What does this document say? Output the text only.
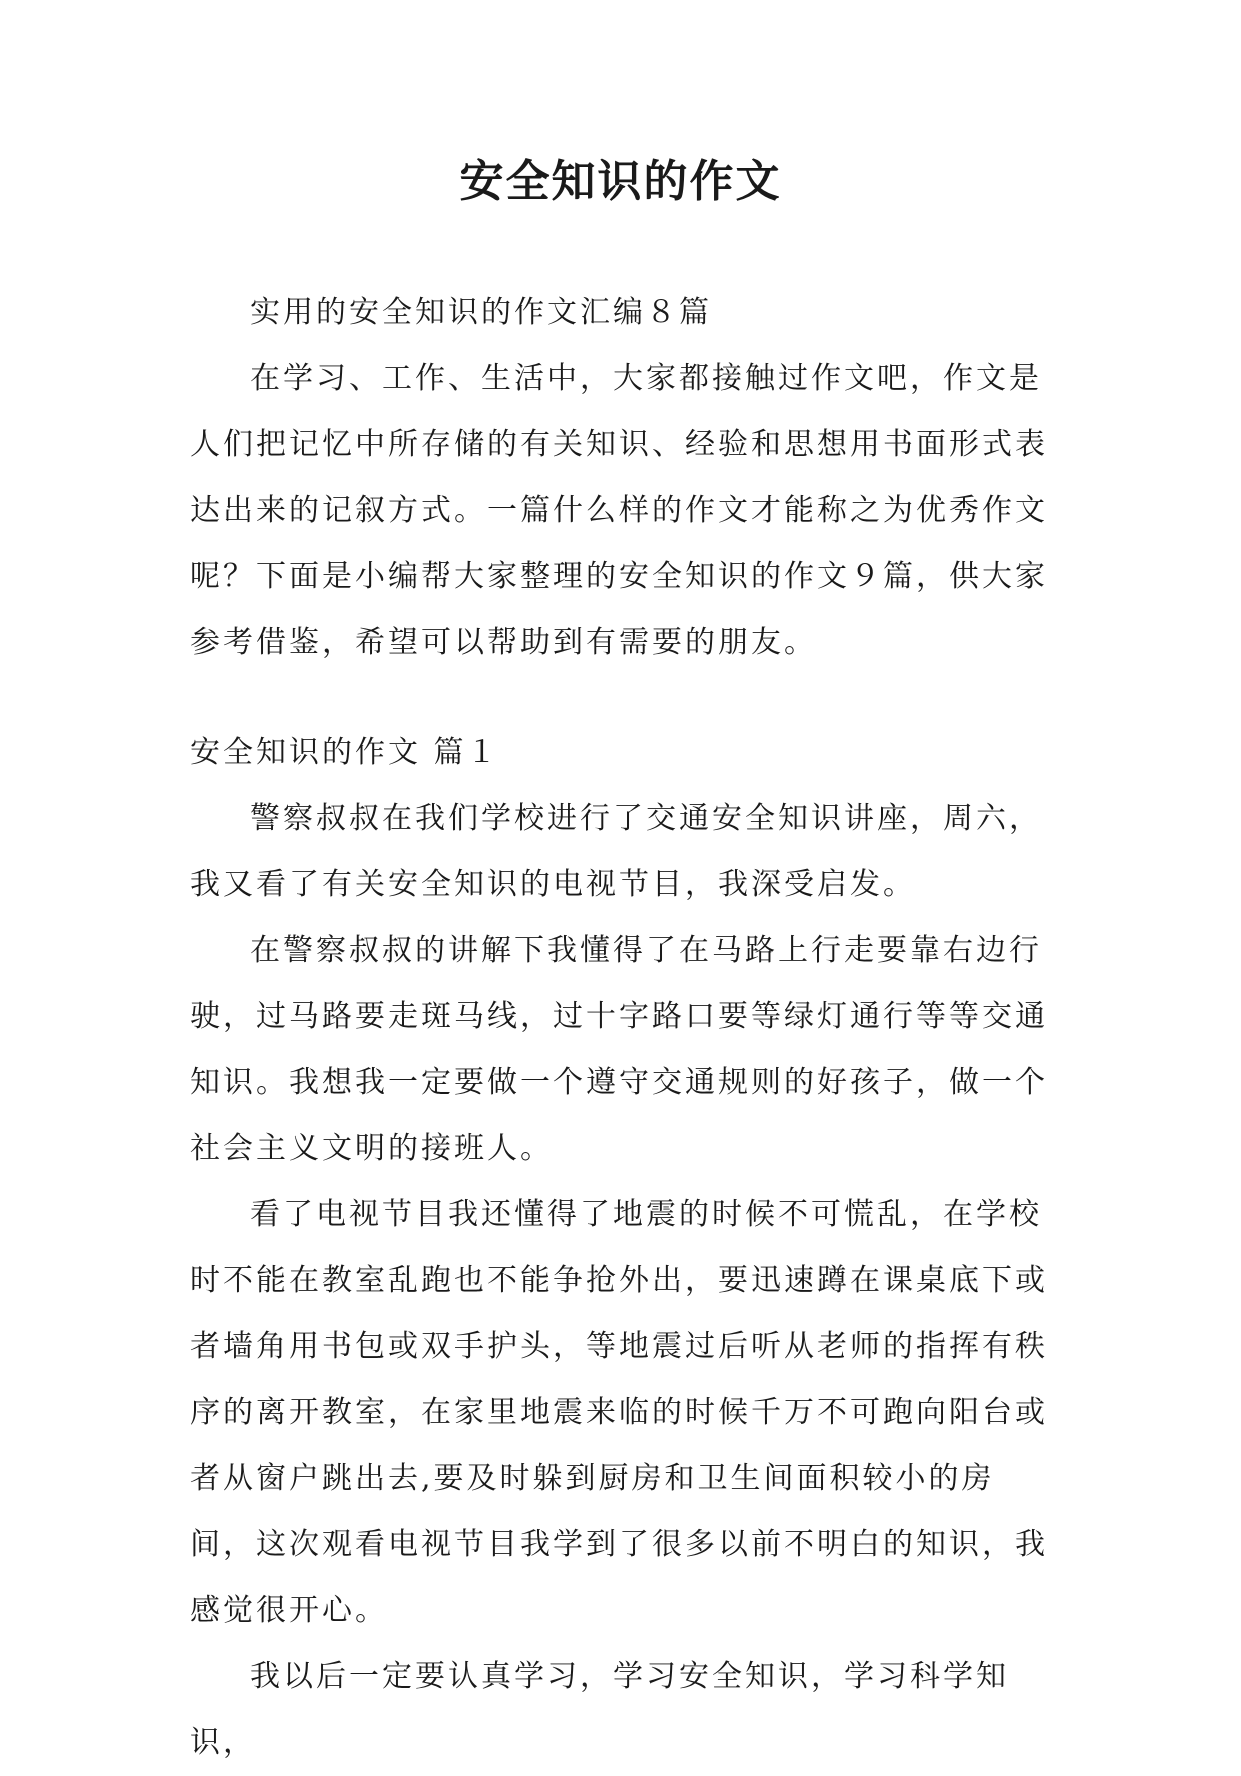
安全知识的作文

实用的安全知识的作文汇编８篇

在学习、工作、生活中，大家都接触过作文吧，作文是人们把记忆中所存储的有关知识、经验和思想用书面形式表达出来的记叙方式。一篇什么样的作文才能称之为优秀作文呢？下面是小编帮大家整理的安全知识的作文９篇，供大家参考借鉴，希望可以帮助到有需要的朋友。

安全知识的作文 篇１

警察叔叔在我们学校进行了交通安全知识讲座，周六，我又看了有关安全知识的电视节目，我深受启发。

在警察叔叔的讲解下我懂得了在马路上行走要靠右边行驶，过马路要走斑马线，过十字路口要等绿灯通行等等交通知识。我想我一定要做一个遵守交通规则的好孩子，做一个社会主义文明的接班人。

看了电视节目我还懂得了地震的时候不可慌乱，在学校时不能在教室乱跑也不能争抢外出，要迅速蹲在课桌底下或者墙角用书包或双手护头，等地震过后听从老师的指挥有秩序的离开教室，在家里地震来临的时候千万不可跑向阳台或者从窗户跳出去,要及时躲到厨房和卫生间面积较小的房间，这次观看电视节目我学到了很多以前不明白的知识，我感觉很开心。

我以后一定要认真学习，学习安全知识，学习科学知识，
